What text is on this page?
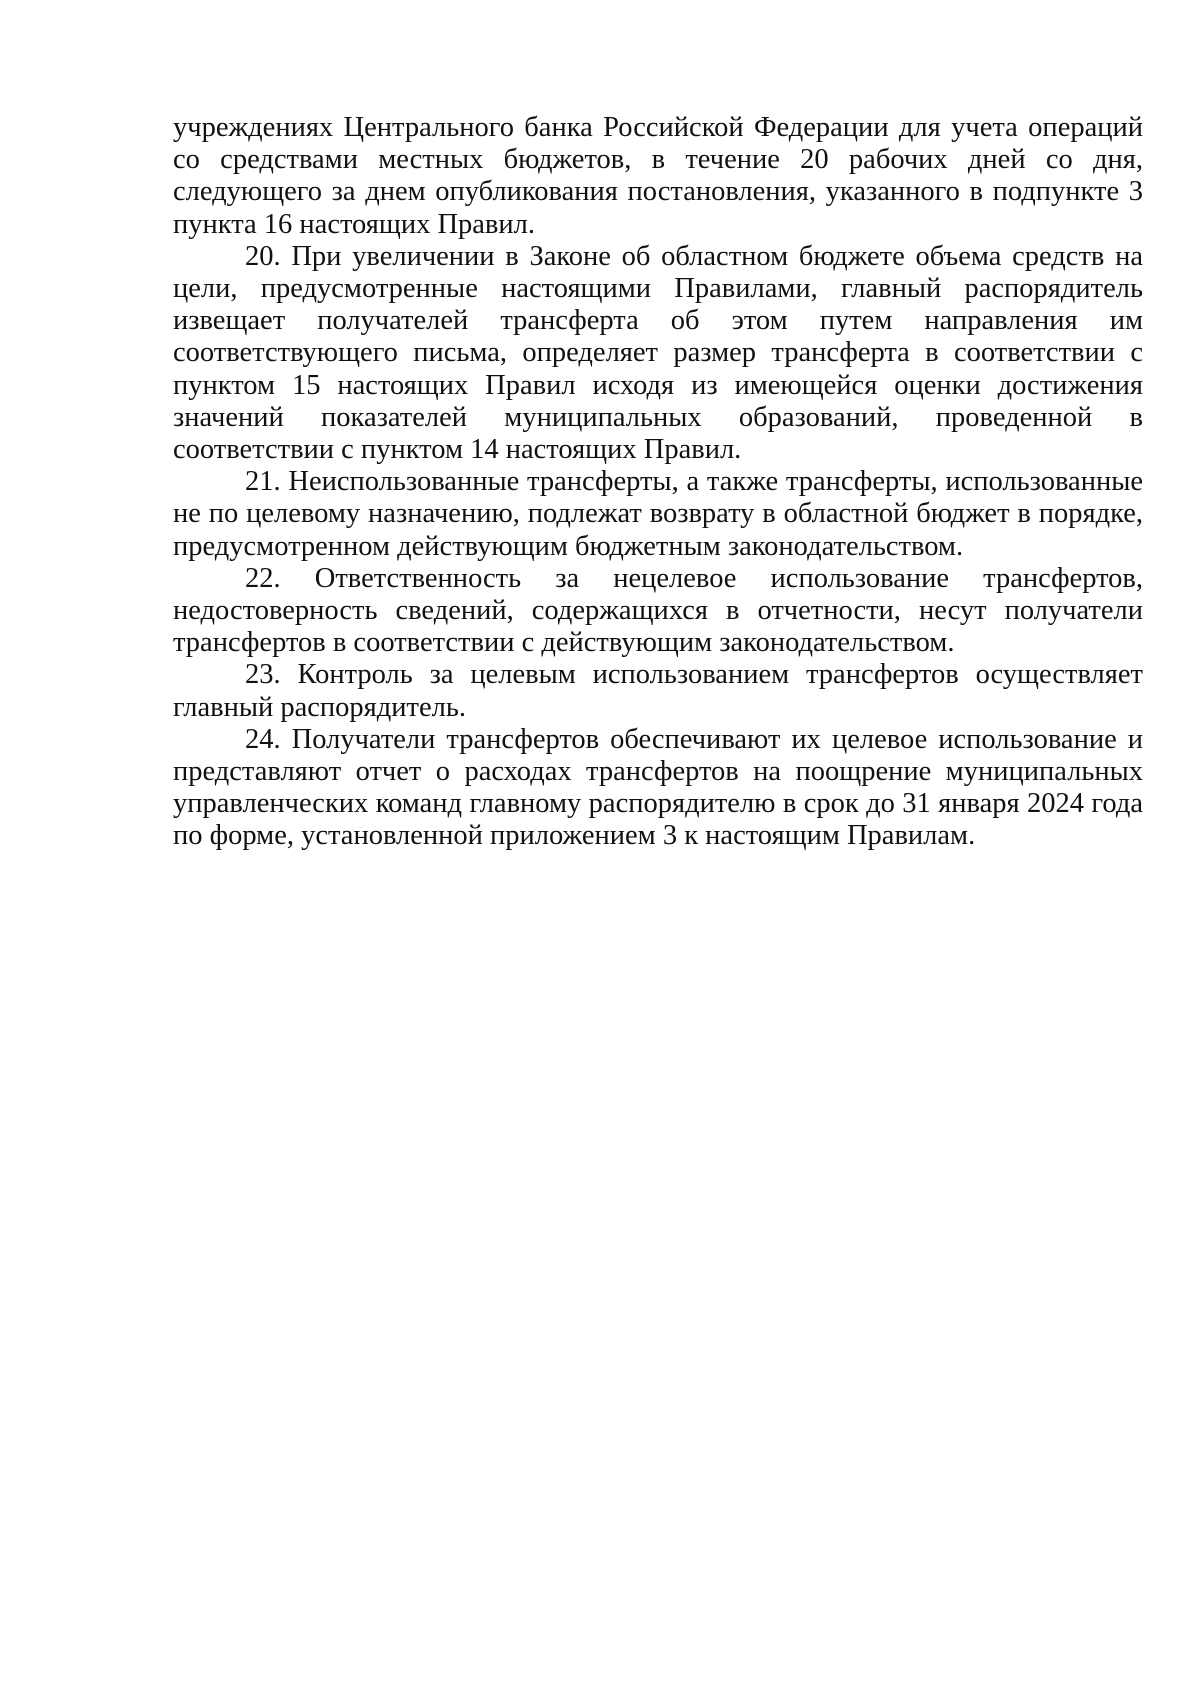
учреждениях Центрального банка Российской Федерации для учета операций со средствами местных бюджетов, в течение 20 рабочих дней со дня, следующего за днем опубликования постановления, указанного в подпункте 3 пункта 16 настоящих Правил.

20. При увеличении в Законе об областном бюджете объема средств на цели, предусмотренные настоящими Правилами, главный распорядитель извещает получателей трансферта об этом путем направления им соответствующего письма, определяет размер трансферта в соответствии с пунктом 15 настоящих Правил исходя из имеющейся оценки достижения значений показателей муниципальных образований, проведенной в соответствии с пунктом 14 настоящих Правил.

21. Неиспользованные трансферты, а также трансферты, использованные не по целевому назначению, подлежат возврату в областной бюджет в порядке, предусмотренном действующим бюджетным законодательством.

22. Ответственность за нецелевое использование трансфертов, недостоверность сведений, содержащихся в отчетности, несут получатели трансфертов в соответствии с действующим законодательством.

23. Контроль за целевым использованием трансфертов осуществляет главный распорядитель.

24. Получатели трансфертов обеспечивают их целевое использование и представляют отчет о расходах трансфертов на поощрение муниципальных управленческих команд главному распорядителю в срок до 31 января 2024 года по форме, установленной приложением 3 к настоящим Правилам.
